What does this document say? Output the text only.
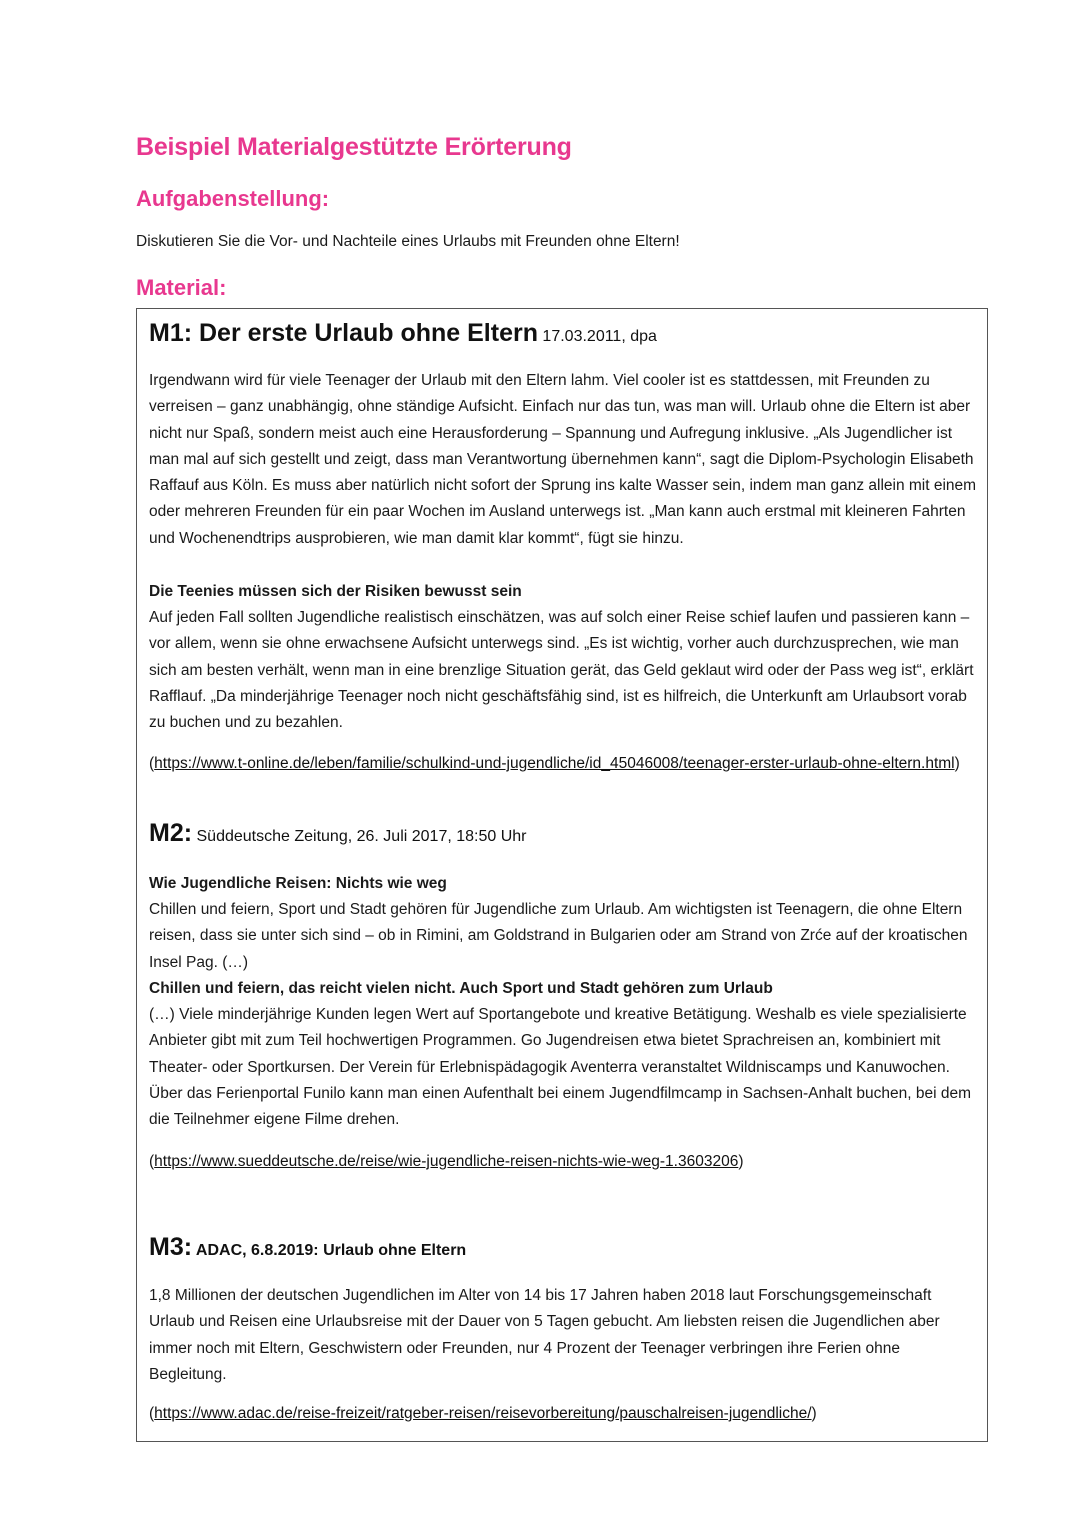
Beispiel Materialgestützte Erörterung
Aufgabenstellung:

Diskutieren Sie die Vor- und Nachteile eines Urlaubs mit Freunden ohne Eltern!

Material:
M1: Der erste Urlaub ohne Eltern 17.03.2011, dpa

Irgendwann wird für viele Teenager der Urlaub mit den Eltern lahm. Viel cooler ist es stattdessen, mit Freunden zu verreisen – ganz unabhängig, ohne ständige Aufsicht. Einfach nur das tun, was man will. Urlaub ohne die Eltern ist aber nicht nur Spaß, sondern meist auch eine Herausforderung – Spannung und Aufregung inklusive. „Als Jugendlicher ist man mal auf sich gestellt und zeigt, dass man Verantwortung übernehmen kann“, sagt die Diplom-Psychologin Elisabeth Raffauf aus Köln. Es muss aber natürlich nicht sofort der Sprung ins kalte Wasser sein, indem man ganz allein mit einem oder mehreren Freunden für ein paar Wochen im Ausland unterwegs ist. „Man kann auch erstmal mit kleineren Fahrten und Wochenendtrips ausprobieren, wie man damit klar kommt“, fügt sie hinzu.

Die Teenies müssen sich der Risiken bewusst sein

Auf jeden Fall sollten Jugendliche realistisch einschätzen, was auf solch einer Reise schief laufen und passieren kann – vor allem, wenn sie ohne erwachsene Aufsicht unterwegs sind. „Es ist wichtig, vorher auch durchzusprechen, wie man sich am besten verhält, wenn man in eine brenzlige Situation gerät, das Geld geklaut wird oder der Pass weg ist“, erklärt Rafflauf. „Da minderjährige Teenager noch nicht geschäftsfähig sind, ist es hilfreich, die Unterkunft am Urlaubsort vorab zu buchen und zu bezahlen.

(https://www.t-online.de/leben/familie/schulkind-und-jugendliche/id_45046008/teenager-erster-urlaub-ohne-eltern.html)

M2: Süddeutsche Zeitung, 26. Juli 2017, 18:50 Uhr

Wie Jugendliche Reisen: Nichts wie weg

Chillen und feiern, Sport und Stadt gehören für Jugendliche zum Urlaub. Am wichtigsten ist Teenagern, die ohne Eltern reisen, dass sie unter sich sind – ob in Rimini, am Goldstrand in Bulgarien oder am Strand von Zrće auf der kroatischen Insel Pag. (…)

Chillen und feiern, das reicht vielen nicht. Auch Sport und Stadt gehören zum Urlaub

(…) Viele minderjährige Kunden legen Wert auf Sportangebote und kreative Betätigung. Weshalb es viele spezialisierte Anbieter gibt mit zum Teil hochwertigen Programmen. Go Jugendreisen etwa bietet Sprachreisen an, kombiniert mit Theater- oder Sportkursen. Der Verein für Erlebnispädagogik Aventerra veranstaltet Wildniscamps und Kanuwochen. Über das Ferienportal Funilo kann man einen Aufenthalt bei einem Jugendfilmcamp in Sachsen-Anhalt buchen, bei dem die Teilnehmer eigene Filme drehen.

(https://www.sueddeutsche.de/reise/wie-jugendliche-reisen-nichts-wie-weg-1.3603206)

M3: ADAC, 6.8.2019: Urlaub ohne Eltern

1,8 Millionen der deutschen Jugendlichen im Alter von 14 bis 17 Jahren haben 2018 laut Forschungsgemeinschaft Urlaub und Reisen eine Urlaubsreise mit der Dauer von 5 Tagen gebucht. Am liebsten reisen die Jugendlichen aber immer noch mit Eltern, Geschwistern oder Freunden, nur 4 Prozent der Teenager verbringen ihre Ferien ohne Begleitung.

(https://www.adac.de/reise-freizeit/ratgeber-reisen/reisevorbereitung/pauschalreisen-jugendliche/)
